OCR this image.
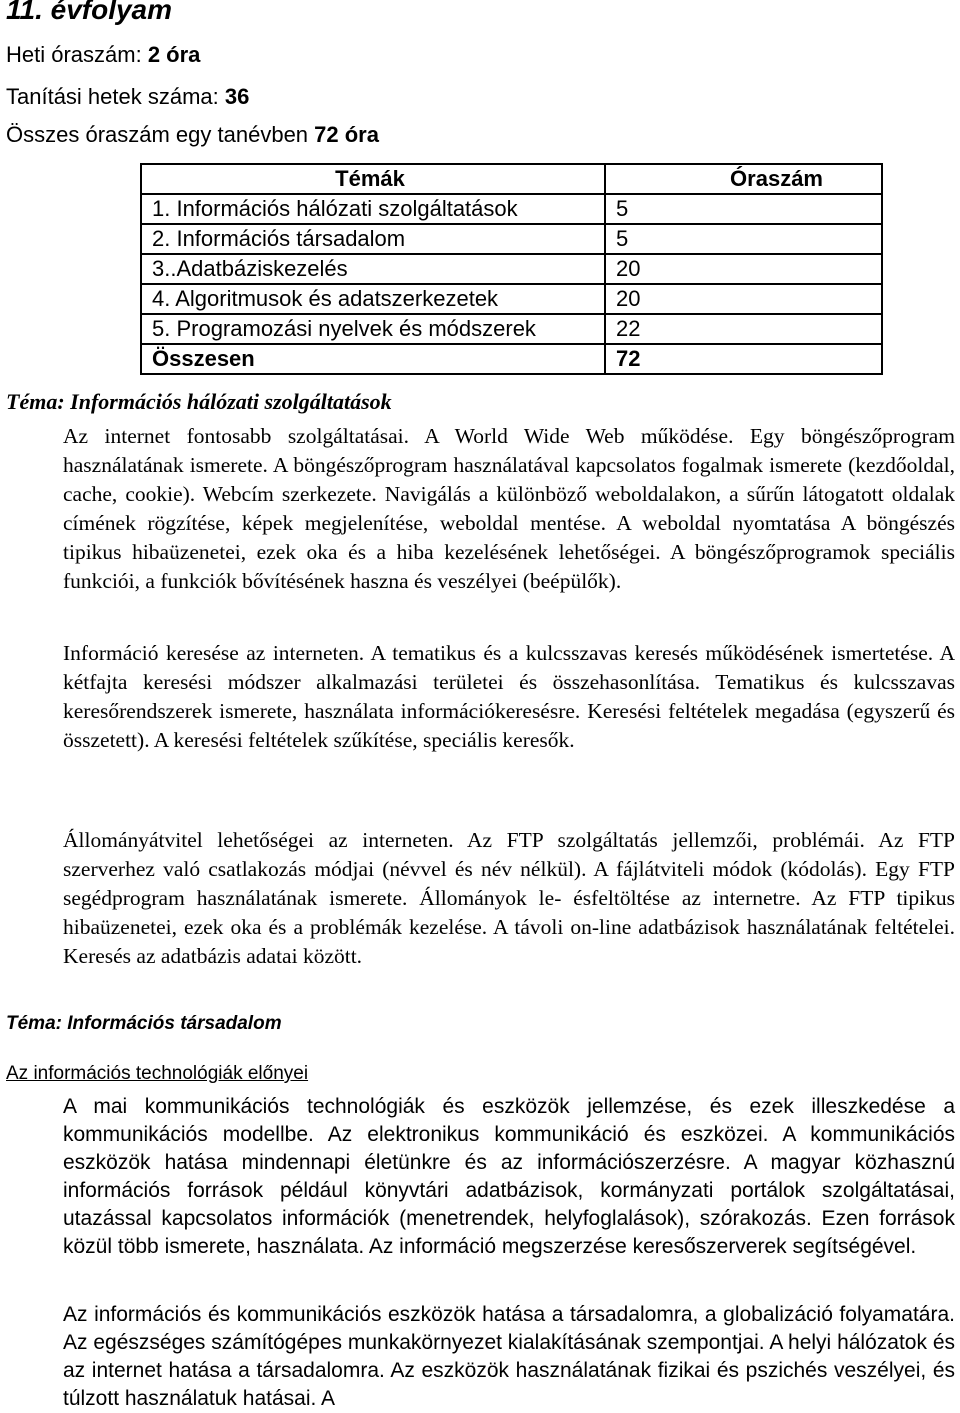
11. évfolyam
Heti óraszám: 2 óra
Tanítási hetek száma: 36
Összes óraszám egy tanévben 72 óra
Témák	Óraszám
1. Információs hálózati szolgáltatások	5
2. Információs társadalom	5
3..Adatbáziskezelés	20
4. Algoritmusok és adatszerkezetek	20
5. Programozási nyelvek és módszerek	22
Összesen	72
Téma: Információs hálózati szolgáltatások

Az internet fontosabb szolgáltatásai. A World Wide Web működése. Egy böngészőprogram használatának ismerete. A böngészőprogram használatával kapcsolatos fogalmak ismerete (kezdőoldal, cache, cookie). Webcím szerkezete. Navigálás a különböző weboldalakon, a sűrűn látogatott oldalak címének rögzítése, képek megjelenítése, weboldal mentése. A weboldal nyomtatása A böngészés tipikus hibaüzenetei, ezek oka és a hiba kezelésének lehetőségei. A böngészőprogramok speciális funkciói, a funkciók bővítésének haszna és veszélyei (beépülők).

Információ keresése az interneten. A tematikus és a kulcsszavas keresés működésének ismertetése. A kétfajta keresési módszer alkalmazási területei és összehasonlítása. Tematikus és kulcsszavas keresőrendszerek ismerete, használata információkeresésre. Keresési feltételek megadása (egyszerű és összetett). A keresési feltételek szűkítése, speciális keresők.

Állományátvitel lehetőségei az interneten. Az FTP szolgáltatás jellemzői, problémái. Az FTP szerverhez való csatlakozás módjai (névvel és név nélkül). A fájlátviteli módok (kódolás). Egy FTP segédprogram használatának ismerete. Állományok le- ésfeltöltése az internetre. Az FTP tipikus hibaüzenetei, ezek oka és a problémák kezelése. A távoli on-line adatbázisok használatának feltételei. Keresés az adatbázis adatai között.

Téma: Információs társadalom
Az információs technológiák előnyei

A mai kommunikációs technológiák és eszközök jellemzése, és ezek illeszkedése a kommunikációs modellbe. Az elektronikus kommunikáció és eszközei. A kommunikációs eszközök hatása mindennapi életünkre és az információszerzésre. A magyar közhasznú információs források például könyvtári adatbázisok, kormányzati portálok szolgáltatásai, utazással kapcsolatos információk (menetrendek, helyfoglalások), szórakozás. Ezen források közül több ismerete, használata. Az információ megszerzése keresőszerverek segítségével.

Az információs és kommunikációs eszközök hatása a társadalomra, a globalizáció folyamatára. Az egészséges számítógépes munkakörnyezet kialakításának szempontjai. A helyi hálózatok és az internet hatása a társadalomra. Az eszközök használatának fizikai és pszichés veszélyei, és túlzott használatuk hatásai. A
